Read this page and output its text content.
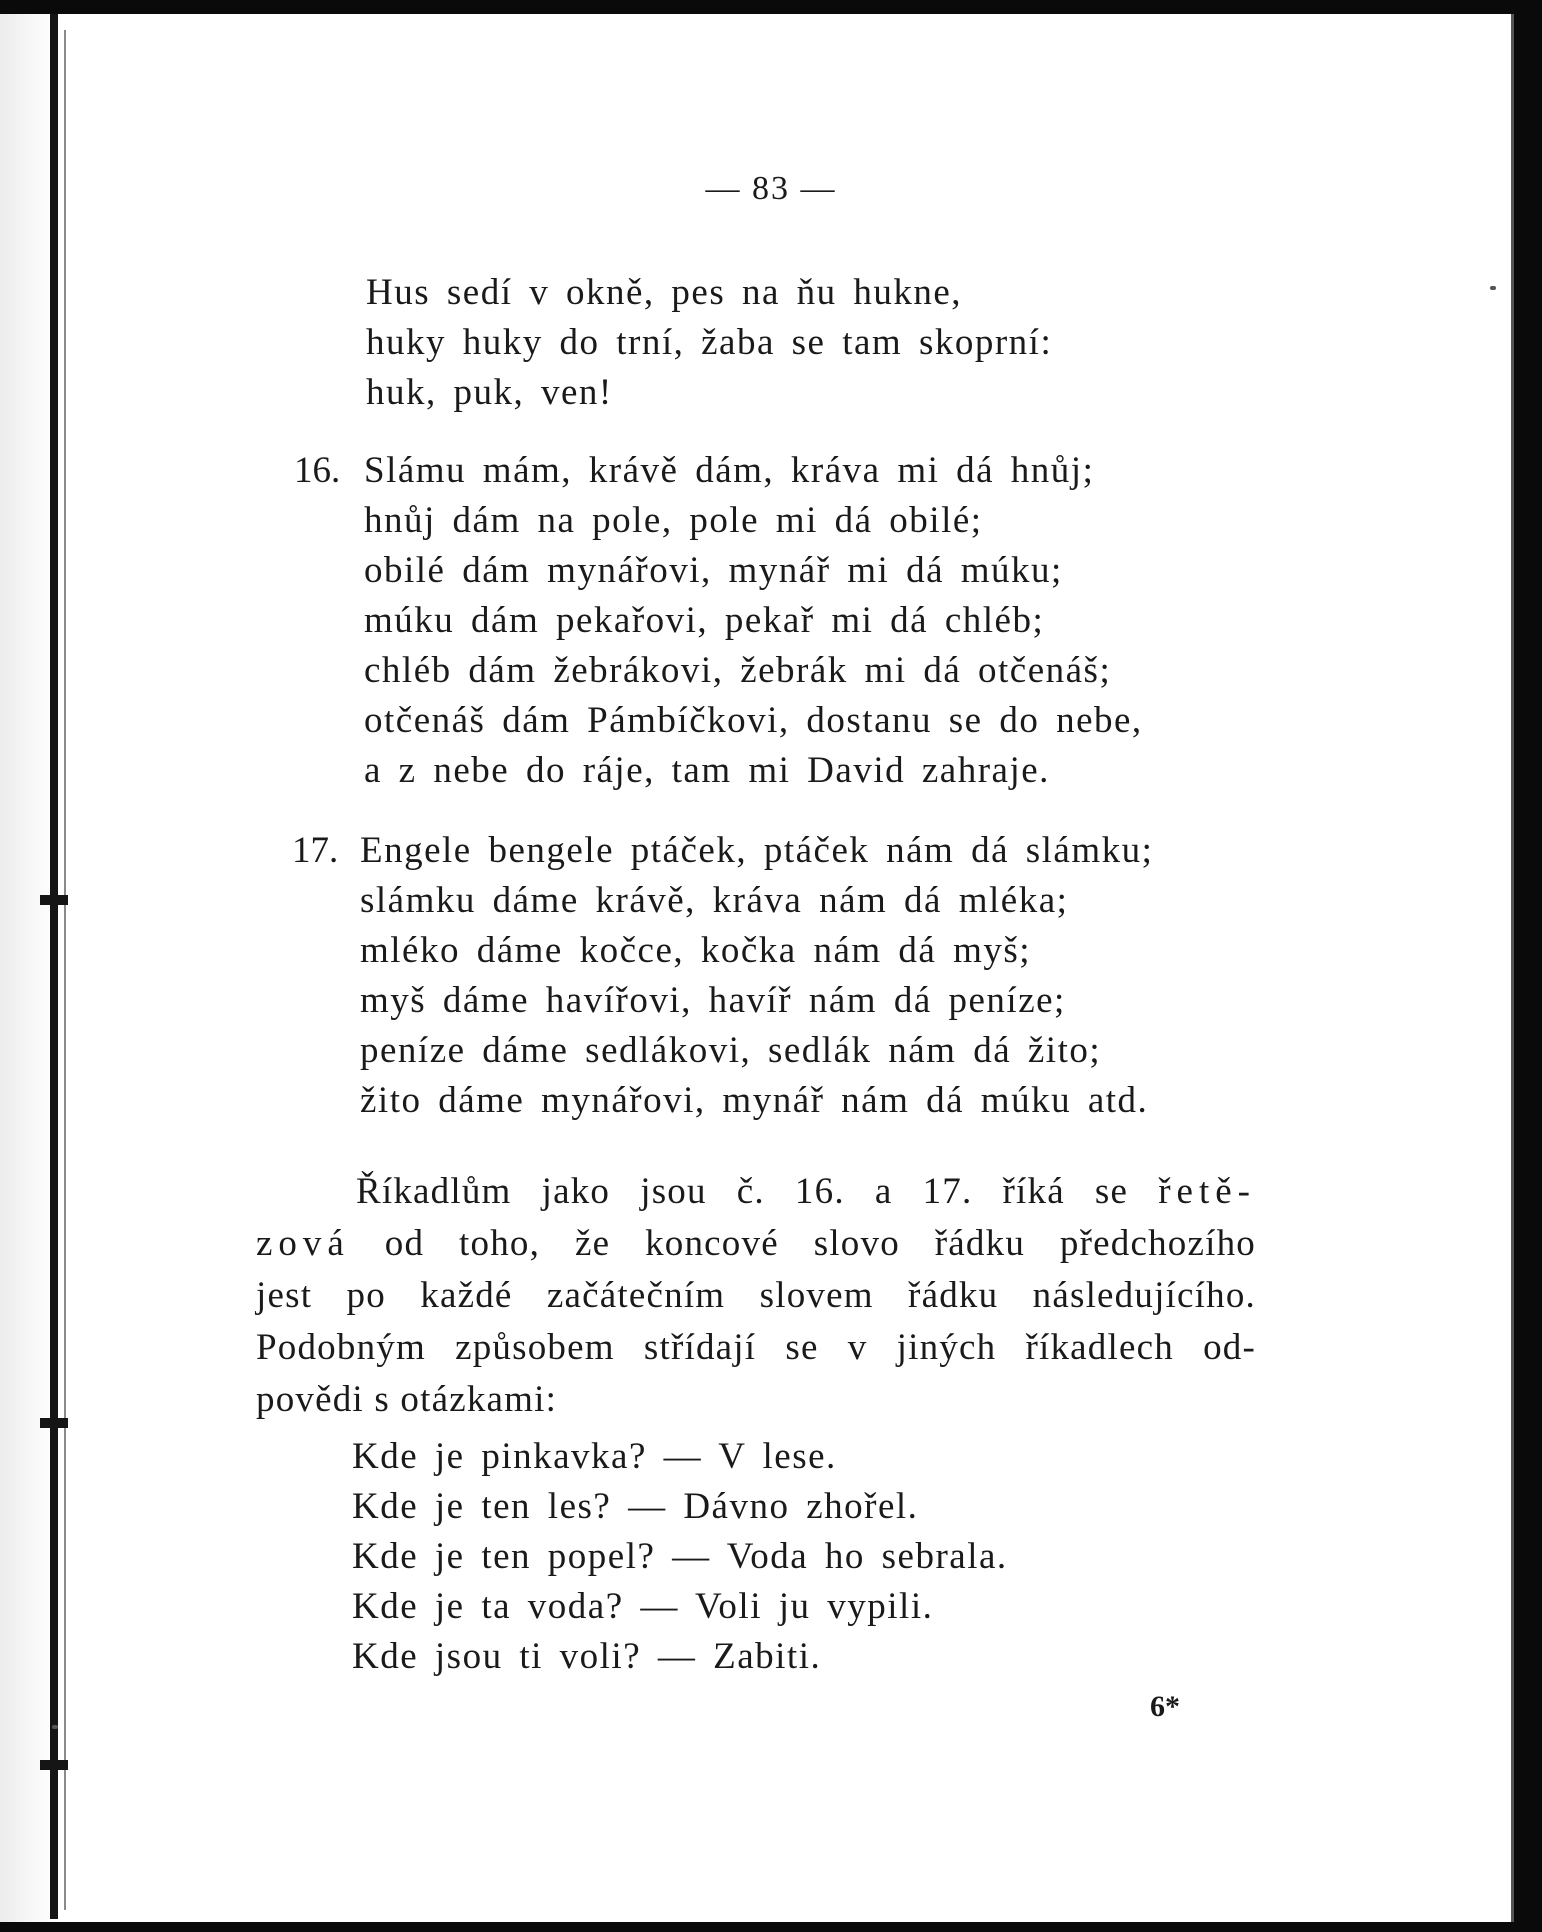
— 83 —
Hus sedí v okně, pes na ňu hukne,
huky huky do trní, žaba se tam skoprní:
huk, puk, ven!
16. Slámu mám, krávě dám, kráva mi dá hnůj;
hnůj dám na pole, pole mi dá obilé;
obilé dám mynářovi, mynář mi dá múku;
múku dám pekařovi, pekař mi dá chléb;
chléb dám žebrákovi, žebrák mi dá otčenáš;
otčenáš dám Pámbíčkovi, dostanu se do nebe,
a z nebe do ráje, tam mi David zahraje.
17. Engele bengele ptáček, ptáček nám dá slámku;
slámku dáme krávě, kráva nám dá mléka;
mléko dáme kočce, kočka nám dá myš;
myš dáme havířovi, havíř nám dá peníze;
peníze dáme sedlákovi, sedlák nám dá žito;
žito dáme mynářovi, mynář nám dá múku atd.
Říkadlům jako jsou č. 16. a 17. říká se řetě-
zová od toho, že koncové slovo řádku předchozího
jest po každé začátečním slovem řádku následujícího.
Podobným způsobem střídají se v jiných říkadlech od-
povědi s otázkami:
Kde je pinkavka? — V lese.
Kde je ten les? — Dávno zhořel.
Kde je ten popel? — Voda ho sebrala.
Kde je ta voda? — Voli ju vypili.
Kde jsou ti voli? — Zabiti.
6*
